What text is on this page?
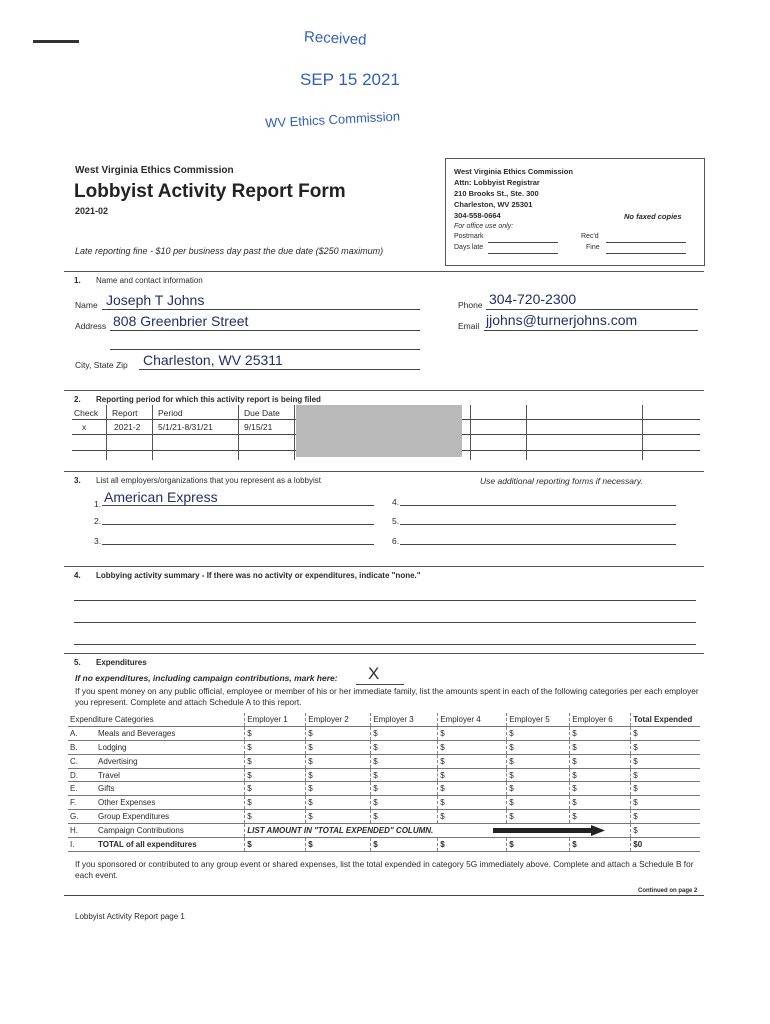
Received
SEP 15 2021
WV Ethics Commission
West Virginia Ethics Commission
Lobbyist Activity Report Form
2021-02
Late reporting fine - $10 per business day past the due date ($250 maximum)
West Virginia Ethics Commission
Attn: Lobbyist Registrar
210 Brooks St., Ste. 300
Charleston, WV 25301
304-558-0664	No faxed copies
For office use only:
Postmark
Days late
Rec'd
Fine
1. Name and contact information
Name Joseph T Johns
Address 808 Greenbrier Street
City, State Zip Charleston, WV 25311
Phone 304-720-2300
Email jjohns@turnerjohns.com
2. Reporting period for which this activity report is being filed
Check Report Period	Due Date
x	2021-2 5/1/21-8/31/21	9/15/21
3. List all employers/organizations that you represent as a lobbyist	Use additional reporting forms if necessary.
1. American Express
2.
3.
4.
5.
6.
4. Lobbying activity summary - If there was no activity or expenditures, indicate "none."
5. Expenditures
If no expenditures, including campaign contributions, mark here: X
If you spent money on any public official, employee or member of his or her immediate family, list the amounts spent in each of the following categories per each employer you represent. Complete and attach Schedule A to this report.
Expenditure Categories		Employer 1	Employer 2	Employer 3	Employer 4	Employer 5	Employer 6	Total Expended
A.	Meals and Beverages	$	$	$	$	$	$	$
B.	Lodging	$	$	$	$	$	$	$
C.	Advertising	$	$	$	$	$	$	$
D.	Travel	$	$	$	$	$	$	$
E.	Gifts	$	$	$	$	$	$	$
F.	Other Expenses	$	$	$	$	$	$	$
G.	Group Expenditures	$	$	$	$	$	$	$
H.	Campaign Contributions	LIST AMOUNT IN "TOTAL EXPENDED" COLUMN.						$
I.	TOTAL of all expenditures	$	$	$	$	$	$	$0
If you sponsored or contributed to any group event or shared expenses, list the total expended in category 5G immediately above. Complete and attach a Schedule B for each event.
Continued on page 2
Lobbyist Activity Report page 1
